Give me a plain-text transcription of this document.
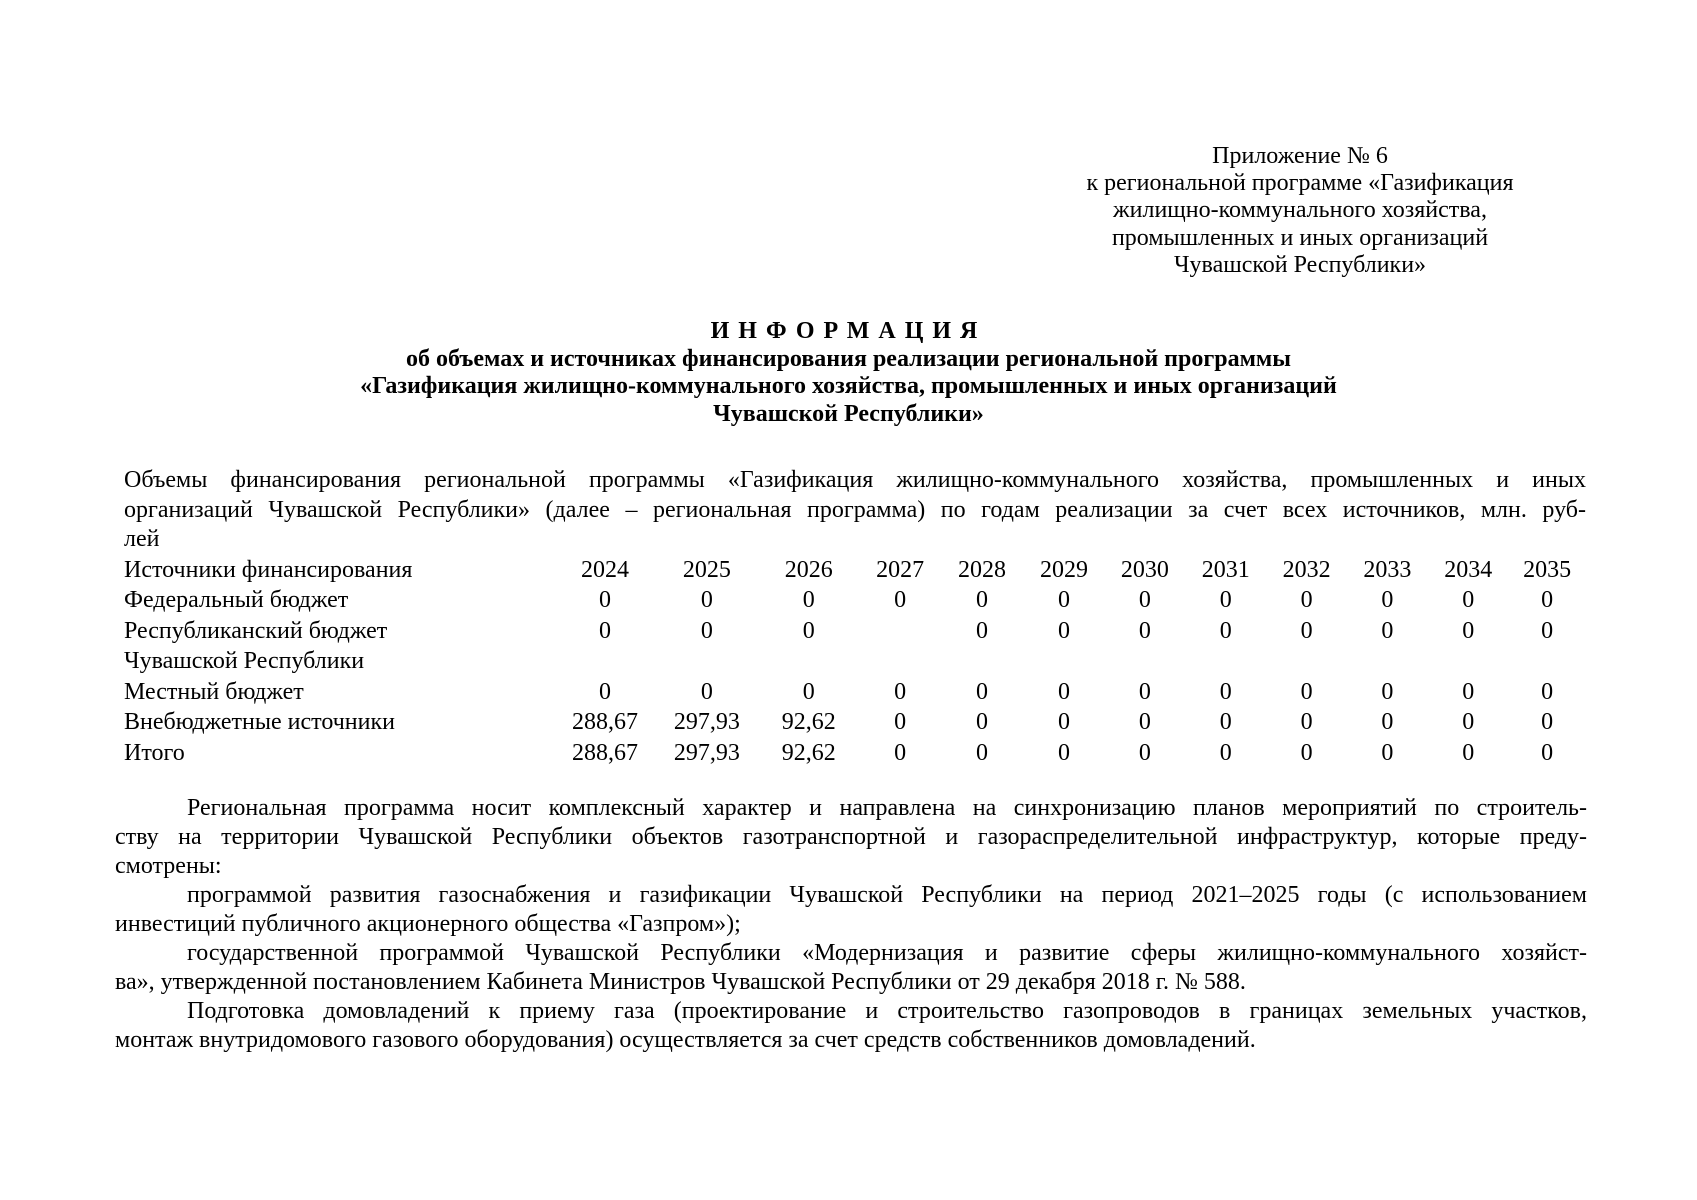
Приложение № 6
к региональной программе «Газификация
жилищно-коммунального хозяйства,
промышленных и иных организаций
Чувашской Республики»
ИНФОРМАЦИЯ
об объемах и источниках финансирования реализации региональной программы
«Газификация жилищно-коммунального хозяйства, промышленных и иных организаций
Чувашской Республики»
Объемы финансирования региональной программы «Газификация жилищно-коммунального хозяйства, промышленных и иных
организаций Чувашской Республики» (далее – региональная программа) по годам реализации за счет всех источников, млн. руб-
лей
Источники финансирования	2024	2025	2026	2027	2028	2029	2030	2031	2032	2033	2034	2035
Федеральный бюджет	0	0	0	0	0	0	0	0	0	0	0	0
Республиканский бюджет	0	0	0		0	0	0	0	0	0	0	0
Чувашской Республики												
Местный бюджет	0	0	0	0	0	0	0	0	0	0	0	0
Внебюджетные источники	288,67	297,93	92,62	0	0	0	0	0	0	0	0	0
Итого	288,67	297,93	92,62	0	0	0	0	0	0	0	0	0

Региональная программа носит комплексный характер и направлена на синхронизацию планов мероприятий по строитель-
ству на территории Чувашской Республики объектов газотранспортной и газораспределительной инфраструктур, которые преду-
смотрены:

программой развития газоснабжения и газификации Чувашской Республики на период 2021–2025 годы (с использованием
инвестиций публичного акционерного общества «Газпром»);

государственной программой Чувашской Республики «Модернизация и развитие сферы жилищно-коммунального хозяйст-
ва», утвержденной постановлением Кабинета Министров Чувашской Республики от 29 декабря 2018 г. № 588.

Подготовка домовладений к приему газа (проектирование и строительство газопроводов в границах земельных участков,
монтаж внутридомового газового оборудования) осуществляется за счет средств собственников домовладений.
